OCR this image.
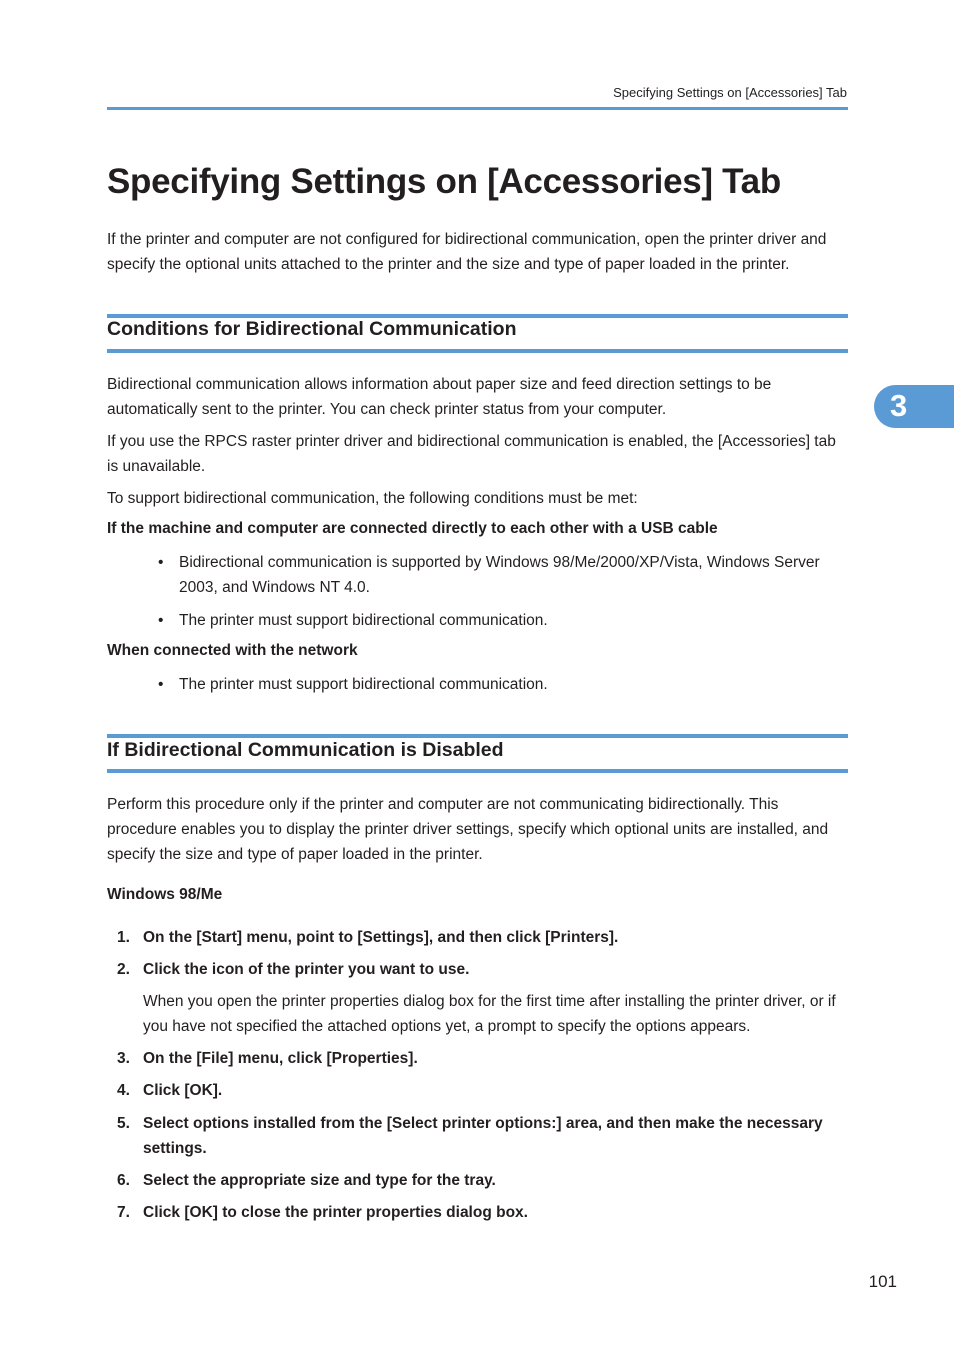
Specifying Settings on [Accessories] Tab
Specifying Settings on [Accessories] Tab
If the printer and computer are not configured for bidirectional communication, open the printer driver and specify the optional units attached to the printer and the size and type of paper loaded in the printer.
Conditions for Bidirectional Communication
Bidirectional communication allows information about paper size and feed direction settings to be automatically sent to the printer. You can check printer status from your computer.
If you use the RPCS raster printer driver and bidirectional communication is enabled, the [Accessories] tab is unavailable.
To support bidirectional communication, the following conditions must be met:
If the machine and computer are connected directly to each other with a USB cable
• Bidirectional communication is supported by Windows 98/Me/2000/XP/Vista, Windows Server 2003, and Windows NT 4.0.
• The printer must support bidirectional communication.
When connected with the network
• The printer must support bidirectional communication.
If Bidirectional Communication is Disabled
Perform this procedure only if the printer and computer are not communicating bidirectionally. This procedure enables you to display the printer driver settings, specify which optional units are installed, and specify the size and type of paper loaded in the printer.
Windows 98/Me
1. On the [Start] menu, point to [Settings], and then click [Printers].
2. Click the icon of the printer you want to use.
When you open the printer properties dialog box for the first time after installing the printer driver, or if you have not specified the attached options yet, a prompt to specify the options appears.
3. On the [File] menu, click [Properties].
4. Click [OK].
5. Select options installed from the [Select printer options:] area, and then make the necessary settings.
6. Select the appropriate size and type for the tray.
7. Click [OK] to close the printer properties dialog box.
3
101
